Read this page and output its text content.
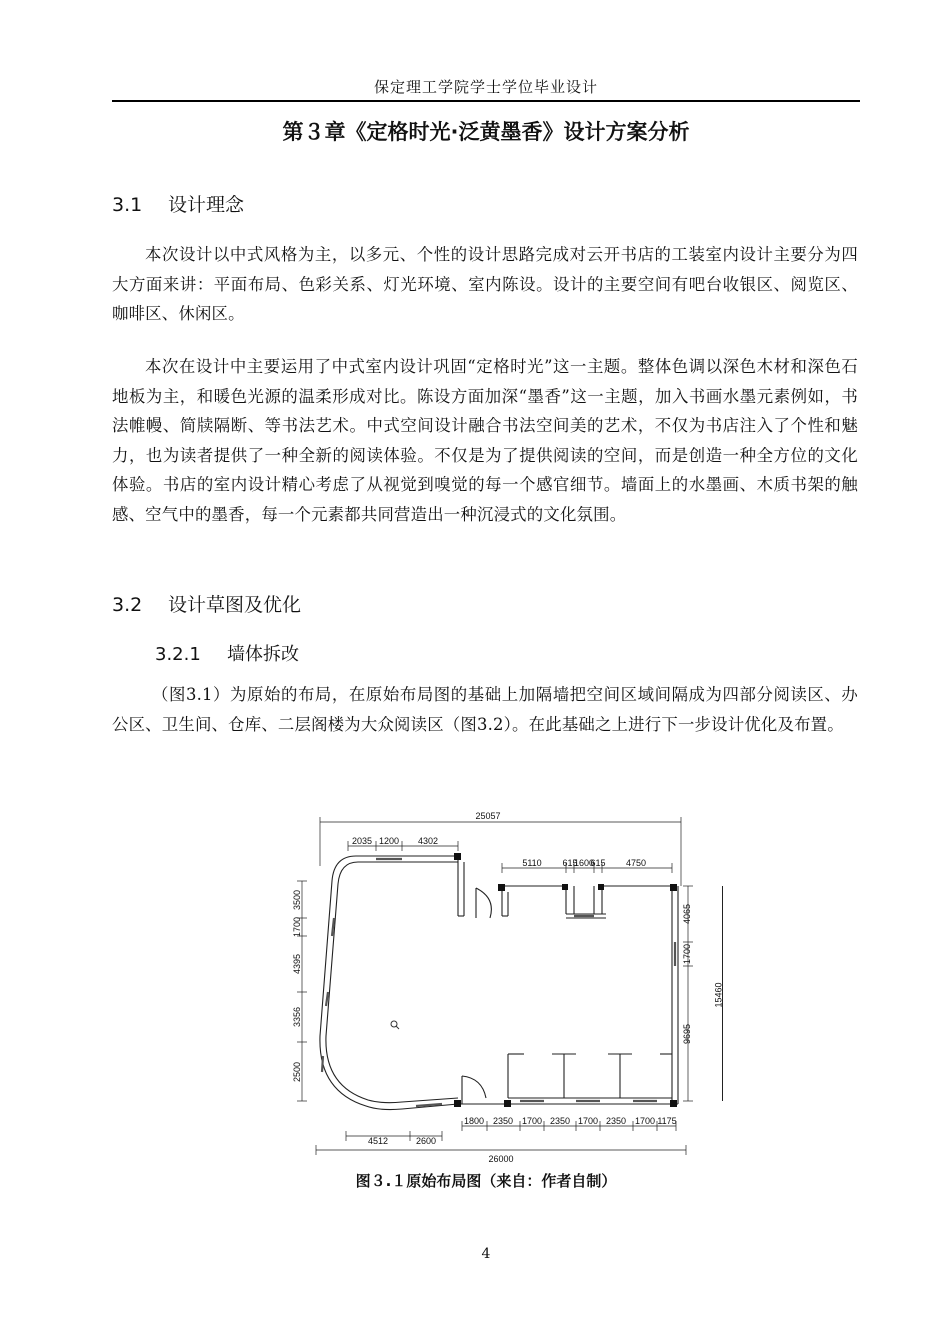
保定理工学院学士学位毕业设计
第３章《定格时光·泛黄墨香》设计方案分析
3.1 设计理念

本次设计以中式风格为主，以多元、个性的设计思路完成对云开书店的工装室内设计主要分为四大方面来讲：平面布局、色彩关系、灯光环境、室内陈设。设计的主要空间有吧台收银区、阅览区、咖啡区、休闲区。

本次在设计中主要运用了中式室内设计巩固“定格时光”这一主题。整体色调以深色木材和深色石地板为主，和暖色光源的温柔形成对比。陈设方面加深“墨香”这一主题，加入书画水墨元素例如，书法帷幔、简牍隔断、等书法艺术。中式空间设计融合书法空间美的艺术，不仅为书店注入了个性和魅力，也为读者提供了一种全新的阅读体验。不仅是为了提供阅读的空间，而是创造一种全方位的文化体验。书店的室内设计精心考虑了从视觉到嗅觉的每一个感官细节。墙面上的水墨画、木质书架的触感、空气中的墨香，每一个元素都共同营造出一种沉浸式的文化氛围。

3.2 设计草图及优化
3.2.1 墙体拆改

（图3.1）为原始的布局，在原始布局图的基础上加隔墙把空间区域间隔成为四部分阅读区、办公区、卫生间、仓库、二层阁楼为大众阅读区（图3.2）。在此基础之上进行下一步设计优化及布置。

25057
2035 1200 4302
5110 615
1600
615 4750
3500
1700
4395
3356
2500
4065
1700
9695
4512	2600
1800 2350 1700 2350 1700 2350 1700 1175
26000
15460
图３.１原始布局图（来自：作者自制）
4
